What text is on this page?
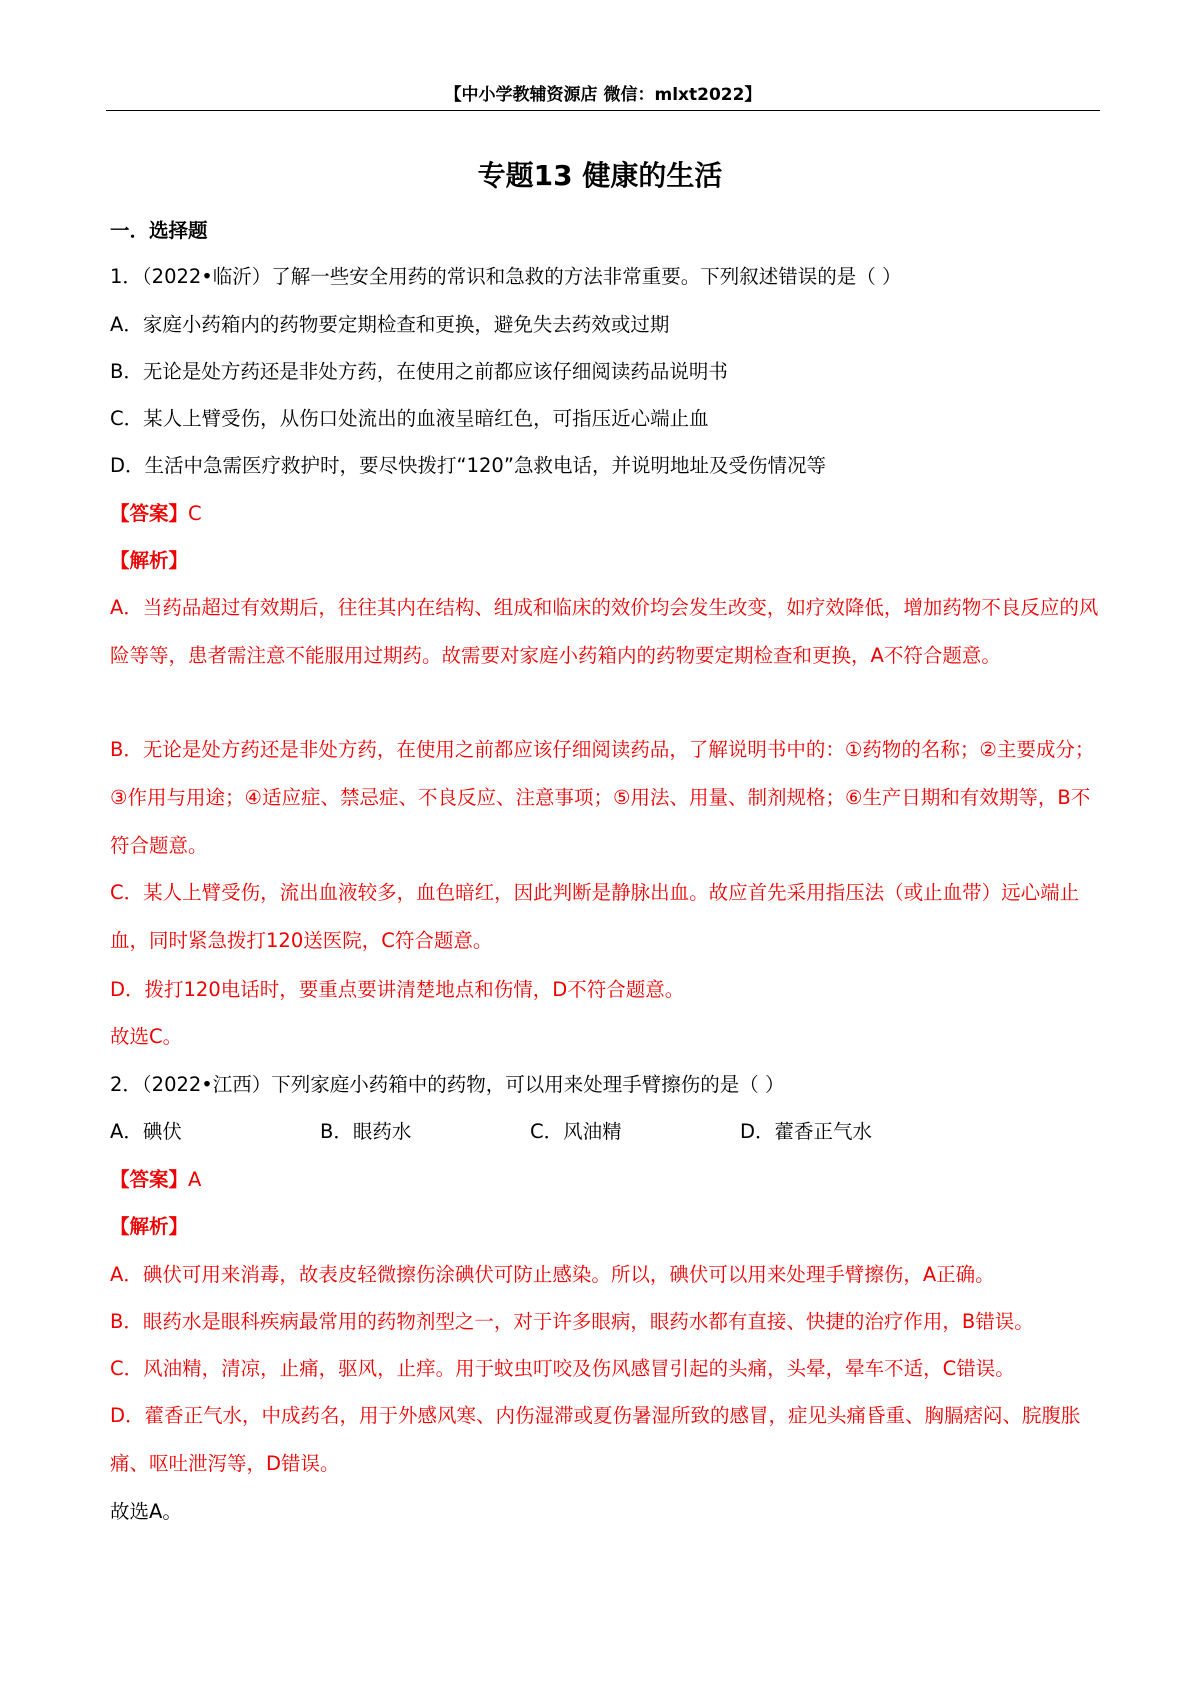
【中小学教辅资源店 微信：mlxt2022】
专题13 健康的生活
一．选择题
1．（2022•临沂）了解一些安全用药的常识和急救的方法非常重要。下列叙述错误的是（ ）
A．家庭小药箱内的药物要定期检查和更换，避免失去药效或过期
B．无论是处方药还是非处方药，在使用之前都应该仔细阅读药品说明书
C．某人上臂受伤，从伤口处流出的血液呈暗红色，可指压近心端止血
D．生活中急需医疗救护时，要尽快拨打“120”急救电话，并说明地址及受伤情况等
【答案】C
【解析】
A．当药品超过有效期后，往往其内在结构、组成和临床的效价均会发生改变，如疗效降低，增加药物不良反应的风险等等，患者需注意不能服用过期药。故需要对家庭小药箱内的药物要定期检查和更换，A不符合题意。
B．无论是处方药还是非处方药，在使用之前都应该仔细阅读药品，了解说明书中的：①药物的名称；②主要成分；③作用与用途；④适应症、禁忌症、不良反应、注意事项；⑤用法、用量、制剂规格；⑥生产日期和有效期等，B不符合题意。
C．某人上臂受伤，流出血液较多，血色暗红，因此判断是静脉出血。故应首先采用指压法（或止血带）远心端止血，同时紧急拨打120送医院，C符合题意。
D．拨打120电话时，要重点要讲清楚地点和伤情，D不符合题意。
故选C。
2．（2022•江西）下列家庭小药箱中的药物，可以用来处理手臂擦伤的是（ ）
A．碘伏	B．眼药水	C．风油精	D．藿香正气水
【答案】A
【解析】
A．碘伏可用来消毒，故表皮轻微擦伤涂碘伏可防止感染。所以，碘伏可以用来处理手臂擦伤，A正确。
B．眼药水是眼科疾病最常用的药物剂型之一，对于许多眼病，眼药水都有直接、快捷的治疗作用，B错误。
C．风油精，清凉，止痛，驱风，止痒。用于蚊虫叮咬及伤风感冒引起的头痛，头晕，晕车不适，C错误。
D．藿香正气水，中成药名，用于外感风寒、内伤湿滞或夏伤暑湿所致的感冒，症见头痛昏重、胸膈痞闷、脘腹胀痛、呕吐泄泻等，D错误。
故选A。
